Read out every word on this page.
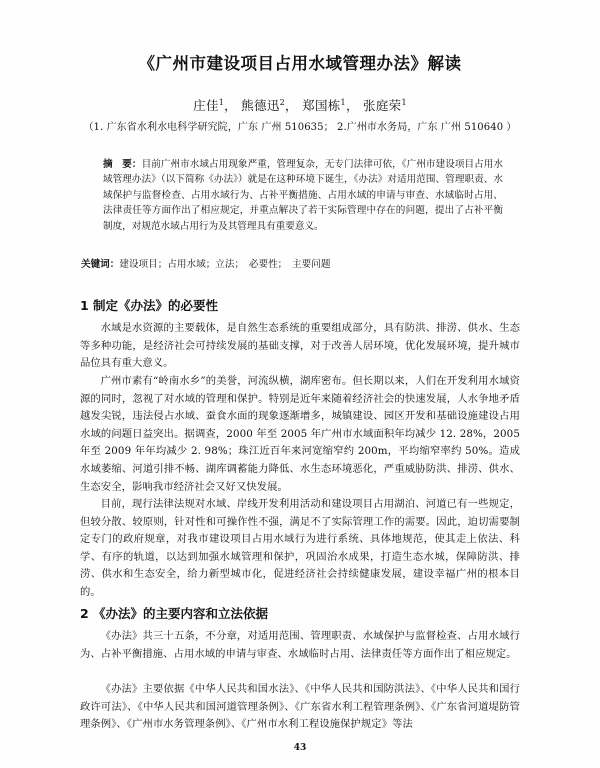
《广州市建设项目占用水域管理办法》解读
庄佳$^1$， 熊德迅$^2$， 郑国栋$^1$， 张庭荣$^1$
（1. 广东省水利水电科学研究院，广东 广州 510635； 2.广州市水务局，广东 广州 510640 ）
摘　要：目前广州市水域占用现象严重，管理复杂，无专门法律可依，《广州市建设项目占用水域管理办法》（以下简称《办法》）就是在这种环境下诞生，《办法》对适用范围、管理职责、水域保护与监督检查、占用水域行为、占补平衡措施、占用水域的申请与审查、水域临时占用、法律责任等方面作出了相应规定，并重点解决了若干实际管理中存在的问题，提出了占补平衡制度，对规范水域占用行为及其管理具有重要意义。
关键词：建设项目；占用水域；立法；　必要性；　主要问题
1 制定《办法》的必要性
水域是水资源的主要载体，是自然生态系统的重要组成部分，具有防洪、排涝、供水、生态等多种功能，是经济社会可持续发展的基础支撑，对于改善人居环境，优化发展环境，提升城市品位具有重大意义。
广州市素有“岭南水乡”的美誉，河流纵横，湖库密布。但长期以来，人们在开发利用水域资源的同时，忽视了对水域的管理和保护。特别是近年来随着经济社会的快速发展，人水争地矛盾越发尖锐，违法侵占水域、蚕食水面的现象逐渐增多，城镇建设、园区开发和基础设施建设占用水域的问题日益突出。据调查，2000 年至 2005 年广州市水域面积年均减少 12. 28%，2005 年至 2009 年年均减少 2. 98%；珠江近百年来河宽缩窄约 200m，平均缩窄率约 50%。造成水域萎缩、河道引排不畅、湖库调蓄能力降低、水生态环境恶化，严重威胁防洪、排涝、供水、生态安全，影响我市经济社会又好又快发展。
目前，现行法律法规对水域、岸线开发利用活动和建设项目占用湖泊、河道已有一些规定，但较分散、较原则，针对性和可操作性不强，满足不了实际管理工作的需要。因此，迫切需要制定专门的政府规章，对我市建设项目占用水域行为进行系统、具体地规范，使其走上依法、科学、有序的轨道，以达到加强水域管理和保护，巩固治水成果，打造生态水城，保障防洪、排涝、供水和生态安全，给力新型城市化，促进经济社会持续健康发展，建设幸福广州的根本目的。
2 《办法》的主要内容和立法依据
《办法》共三十五条，不分章，对适用范围、管理职责、水域保护与监督检查、占用水域行为、占补平衡措施、占用水域的申请与审查、水域临时占用、法律责任等方面作出了相应规定。
《办法》主要依据《中华人民共和国水法》、《中华人民共和国防洪法》、《中华人民共和国行政许可法》、《中华人民共和国河道管理条例》、《广东省水利工程管理条例》、《广东省河道堤防管理条例》、《广州市水务管理条例》、《广州市水利工程设施保护规定》等法
43
